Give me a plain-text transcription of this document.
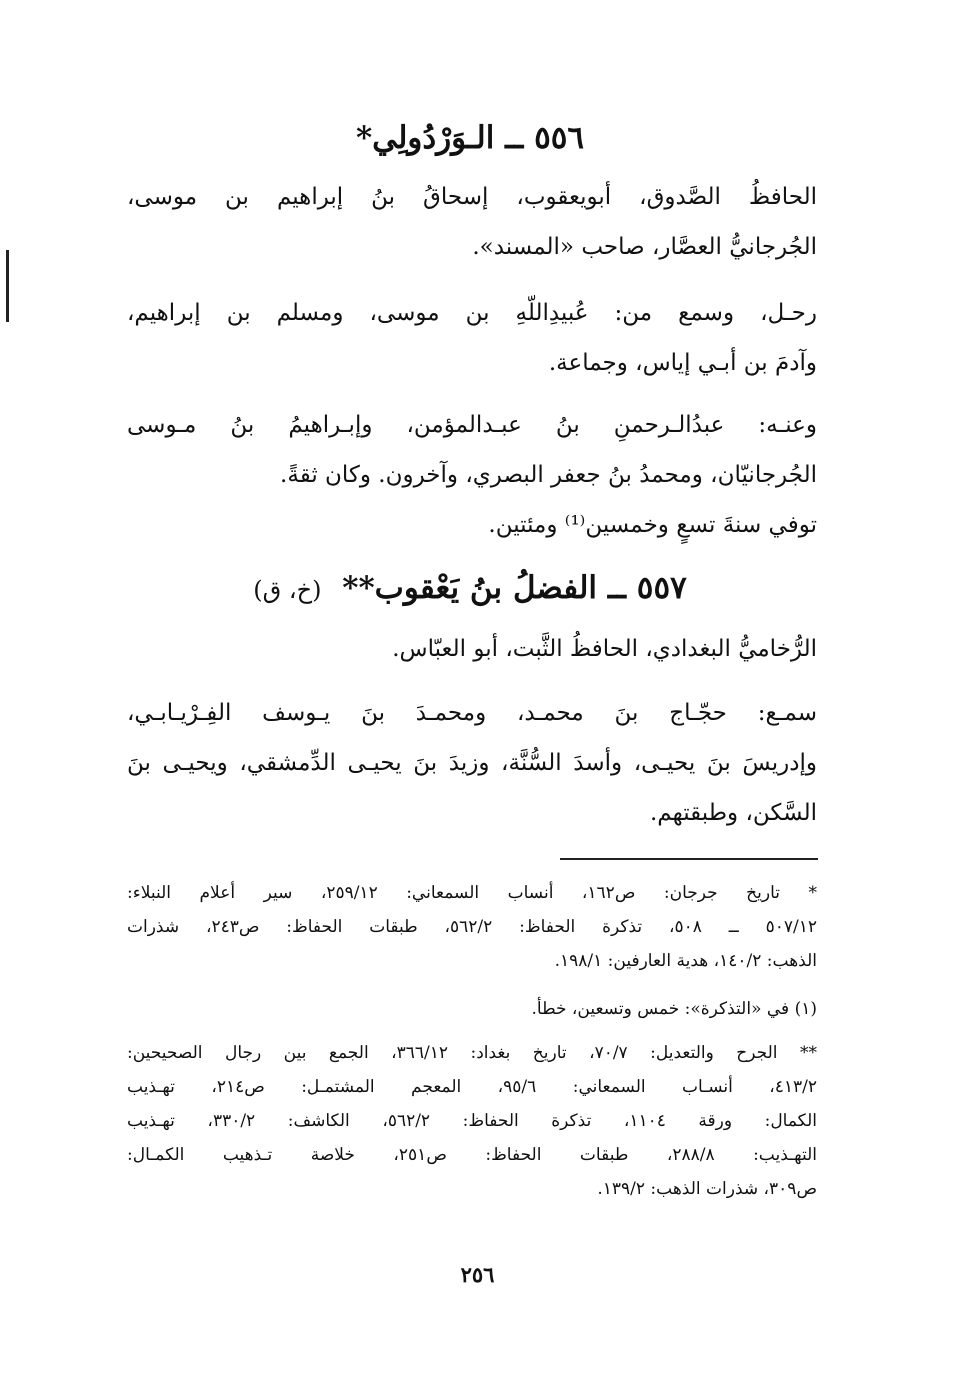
٥٥٦ ــ الـوَرْدُولِي*
الحافظُ الصَّدوق، أبويعقوب، إسحاقُ بنُ إبراهيم بن موسى،
الجُرجانيُّ العصَّار، صاحب «المسند».
رحـل، وسمع من: عُبيدِاللّهِ بن موسى، ومسلم بن إبراهيم،
وآدمَ بن أبـي إياس، وجماعة.
وعنـه: عبدُالـرحمنِ بنُ عبـدالمؤمن، وإبـراهيمُ بنُ مـوسى
الجُرجانيّان، ومحمدُ بنُ جعفر البصري، وآخرون. وكان ثقةً.
توفي سنةَ تسعٍ وخمسين⁽¹⁾ ومئتين.
٥٥٧ ــ الفضلُ بنُ يَعْقوب** (خ، ق)
الرُّخاميُّ البغدادي، الحافظُ الثَّبت، أبو العبّاس.
سمـع: حجّـاج بنَ محمـد، ومحمـدَ بنَ يـوسف الفِـرْيـابـي،
وإدريسَ بنَ يحيـى، وأسدَ السُّنَّة، وزيدَ بنَ يحيـى الدِّمشقي، ويحيـى بنَ
السَّكن، وطبقتهم.
* تاريخ جرجان: ص١٦٢، أنساب السمعاني: ٢٥٩/١٢، سير أعلام النبلاء:
٥٠٧/١٢ ــ ٥٠٨، تذكرة الحفاظ: ٥٦٢/٢، طبقات الحفاظ: ص٢٤٣، شذرات
الذهب: ١٤٠/٢، هدية العارفين: ١٩٨/١.
(١) في «التذكرة»: خمس وتسعين، خطأ.
** الجرح والتعديل: ٧٠/٧، تاريخ بغداد: ٣٦٦/١٢، الجمع بين رجال الصحيحين:
٤١٣/٢، أنسـاب السمعاني: ٩٥/٦، المعجم المشتمـل: ص٢١٤، تهـذيب
الكمال: ورقة ١١٠٤، تذكرة الحفاظ: ٥٦٢/٢، الكاشف: ٣٣٠/٢، تهـذيب
التهـذيب: ٢٨٨/٨، طبقات الحفاظ: ص٢٥١، خلاصة تـذهيب الكمـال:
ص٣٠٩، شذرات الذهب: ١٣٩/٢.
٢٥٦
